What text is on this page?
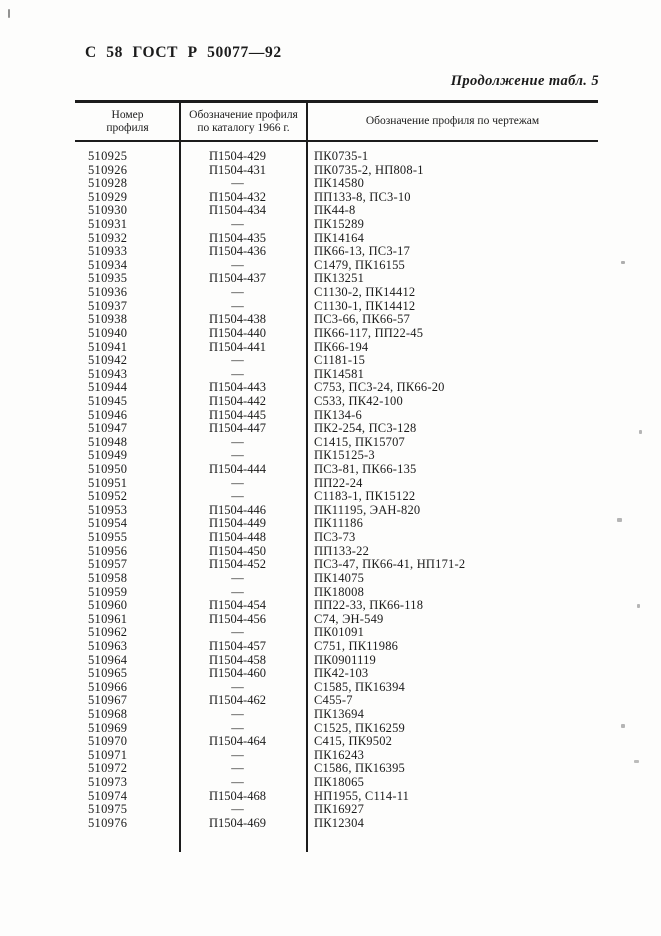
С 58 ГОСТ Р 50077—92
Продолжение табл. 5
Номер
профиля
Обозначение профиля
по каталогу 1966 г.
Обозначение профиля по чертежам
510925	П1504-429	ПК0735-1
510926	П1504-431	ПК0735-2, НП808-1
510928	—	ПК14580
510929	П1504-432	ПП133-8, ПС3-10
510930	П1504-434	ПК44-8
510931	—	ПК15289
510932	П1504-435	ПК14164
510933	П1504-436	ПК66-13, ПС3-17
510934	—	С1479, ПК16155
510935	П1504-437	ПК13251
510936	—	С1130-2, ПК14412
510937	—	С1130-1, ПК14412
510938	П1504-438	ПС3-66, ПК66-57
510940	П1504-440	ПК66-117, ПП22-45
510941	П1504-441	ПК66-194
510942	—	С1181-15
510943	—	ПК14581
510944	П1504-443	С753, ПС3-24, ПК66-20
510945	П1504-442	С533, ПК42-100
510946	П1504-445	ПК134-6
510947	П1504-447	ПК2-254, ПС3-128
510948	—	С1415, ПК15707
510949	—	ПК15125-3
510950	П1504-444	ПС3-81, ПК66-135
510951	—	ПП22-24
510952	—	С1183-1, ПК15122
510953	П1504-446	ПК11195, ЭАН-820
510954	П1504-449	ПК11186
510955	П1504-448	ПС3-73
510956	П1504-450	ПП133-22
510957	П1504-452	ПС3-47, ПК66-41, НП171-2
510958	—	ПК14075
510959	—	ПК18008
510960	П1504-454	ПП22-33, ПК66-118
510961	П1504-456	С74, ЭН-549
510962	—	ПК01091
510963	П1504-457	С751, ПК11986
510964	П1504-458	ПК0901119
510965	П1504-460	ПК42-103
510966	—	С1585, ПК16394
510967	П1504-462	С455-7
510968	—	ПК13694
510969	—	С1525, ПК16259
510970	П1504-464	С415, ПК9502
510971	—	ПК16243
510972	—	С1586, ПК16395
510973	—	ПК18065
510974	П1504-468	НП1955, С114-11
510975	—	ПК16927
510976	П1504-469	ПК12304
